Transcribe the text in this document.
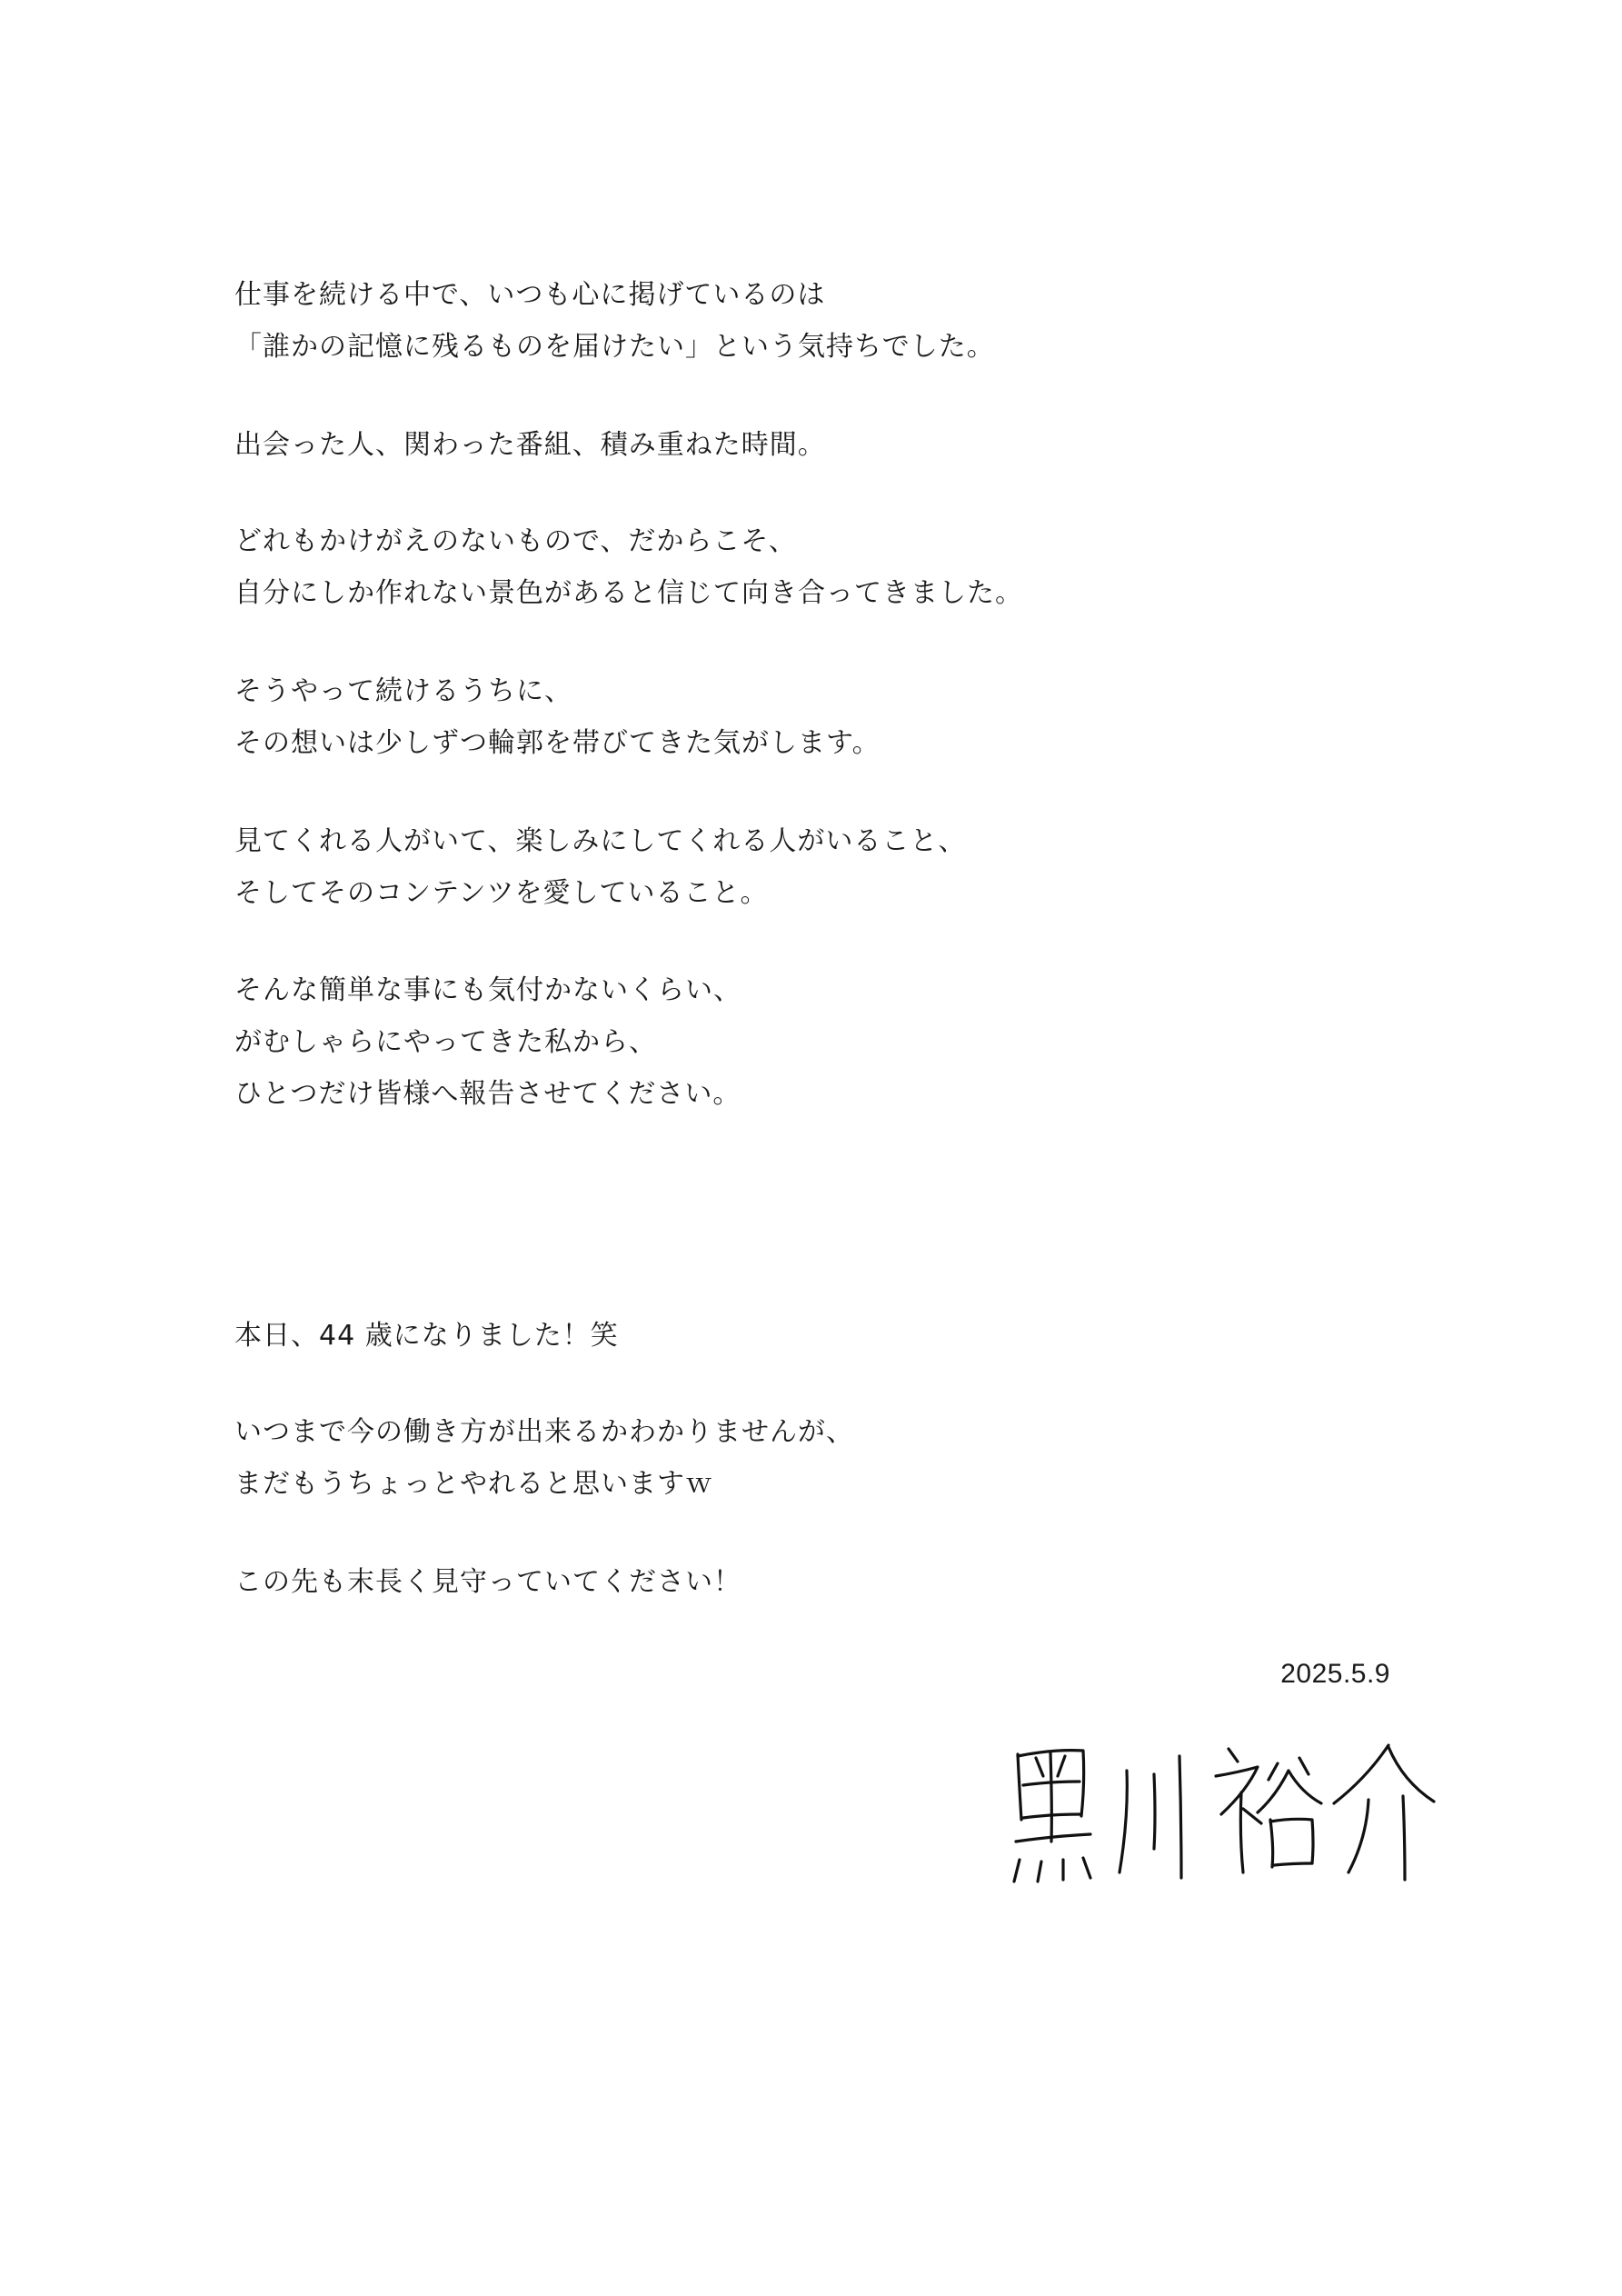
仕事を続ける中で、いつも心に掲げているのは
「誰かの記憶に残るものを届けたい」という気持ちでした。
出会った人、関わった番組、積み重ねた時間。
どれもかけがえのないもので、だからこそ、
自分にしか作れない景色があると信じて向き合ってきました。
そうやって続けるうちに、
その想いは少しずつ輪郭を帯びてきた気がします。
見てくれる人がいて、楽しみにしてくれる人がいること、
そしてそのコンテンツを愛していること。
そんな簡単な事にも気付かないくらい、
がむしゃらにやってきた私から、
ひとつだけ皆様へ報告させてください。
本日、44 歳になりました！笑
いつまで今の働き方が出来るかわかりませんが、
まだもうちょっとやれると思いますｗ
この先も末長く見守っていてください！
2025.5.9
